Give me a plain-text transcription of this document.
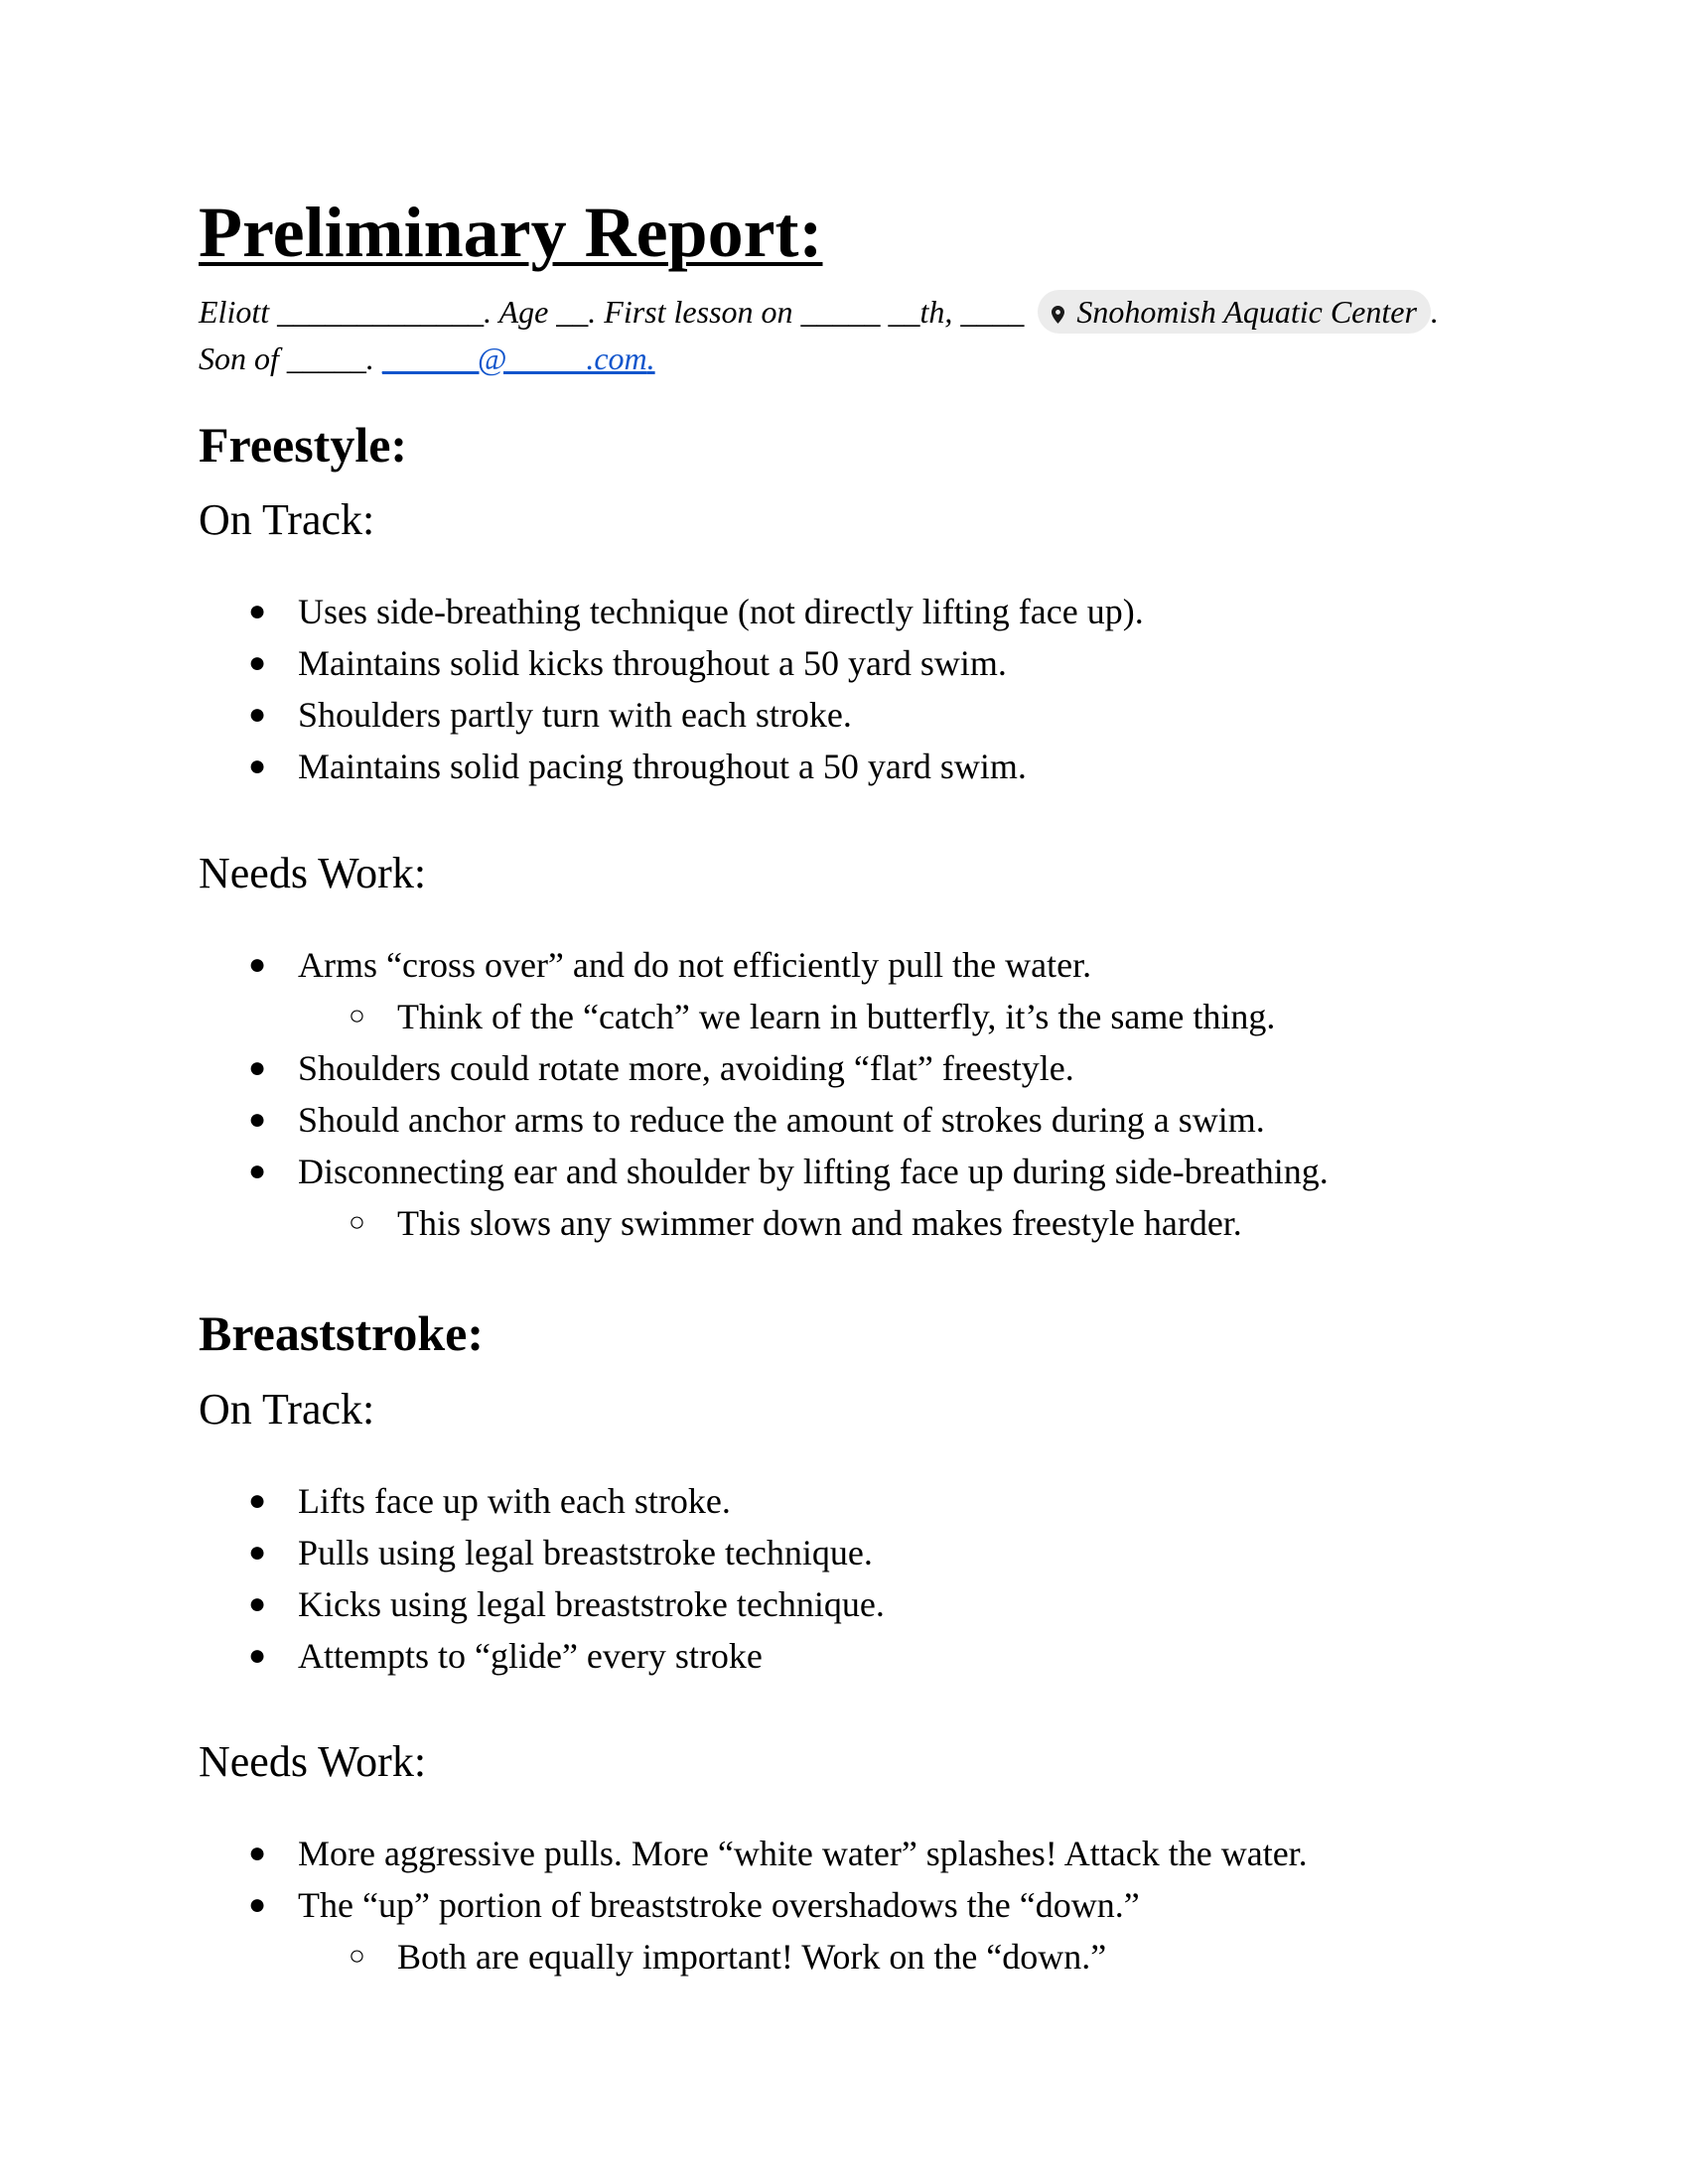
Preliminary Report:
Eliott _____________. Age __. First lesson on _____ __th, ____ Snohomish Aquatic Center .
Son of _____. ______@_____.com.
Freestyle:
On Track:
● Uses side-breathing technique (not directly lifting face up).
● Maintains solid kicks throughout a 50 yard swim.
● Shoulders partly turn with each stroke.
● Maintains solid pacing throughout a 50 yard swim.
Needs Work:
● Arms “cross over” and do not efficiently pull the water.
○ Think of the “catch” we learn in butterfly, it’s the same thing.
● Shoulders could rotate more, avoiding “flat” freestyle.
● Should anchor arms to reduce the amount of strokes during a swim.
● Disconnecting ear and shoulder by lifting face up during side-breathing.
○ This slows any swimmer down and makes freestyle harder.
Breaststroke:
On Track:
● Lifts face up with each stroke.
● Pulls using legal breaststroke technique.
● Kicks using legal breaststroke technique.
● Attempts to “glide” every stroke
Needs Work:
● More aggressive pulls. More “white water” splashes! Attack the water.
● The “up” portion of breaststroke overshadows the “down.”
○ Both are equally important! Work on the “down.”
